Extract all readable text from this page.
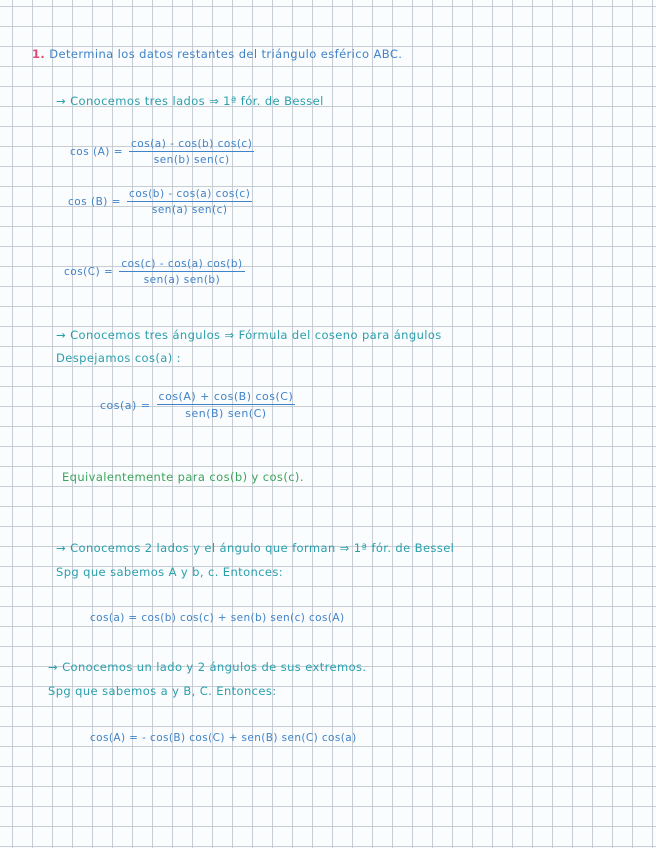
1. Determina los datos restantes del triángulo esférico ABC.
→ Conocemos tres lados ⇒ 1ª fór. de Bessel
cos (A) =
cos(a) - cos(b) cos(c)
sen(b) sen(c)
cos (B) =
cos(b) - cos(a) cos(c)
sen(a) sen(c)
cos(C) =
cos(c) - cos(a) cos(b)
sen(a) sen(b)
→ Conocemos tres ángulos ⇒ Fórmula del coseno para ángulos
Despejamos cos(a) :
cos(a) =
cos(A) + cos(B) cos(C)
sen(B) sen(C)
Equivalentemente para cos(b) y cos(c).
→ Conocemos 2 lados y el ángulo que forman ⇒ 1ª fór. de Bessel
Spg que sabemos A y b, c. Entonces:
cos(a) = cos(b) cos(c) + sen(b) sen(c) cos(A)
→ Conocemos un lado y 2 ángulos de sus extremos.
Spg que sabemos a y B, C. Entonces:
cos(A) = - cos(B) cos(C) + sen(B) sen(C) cos(a)
